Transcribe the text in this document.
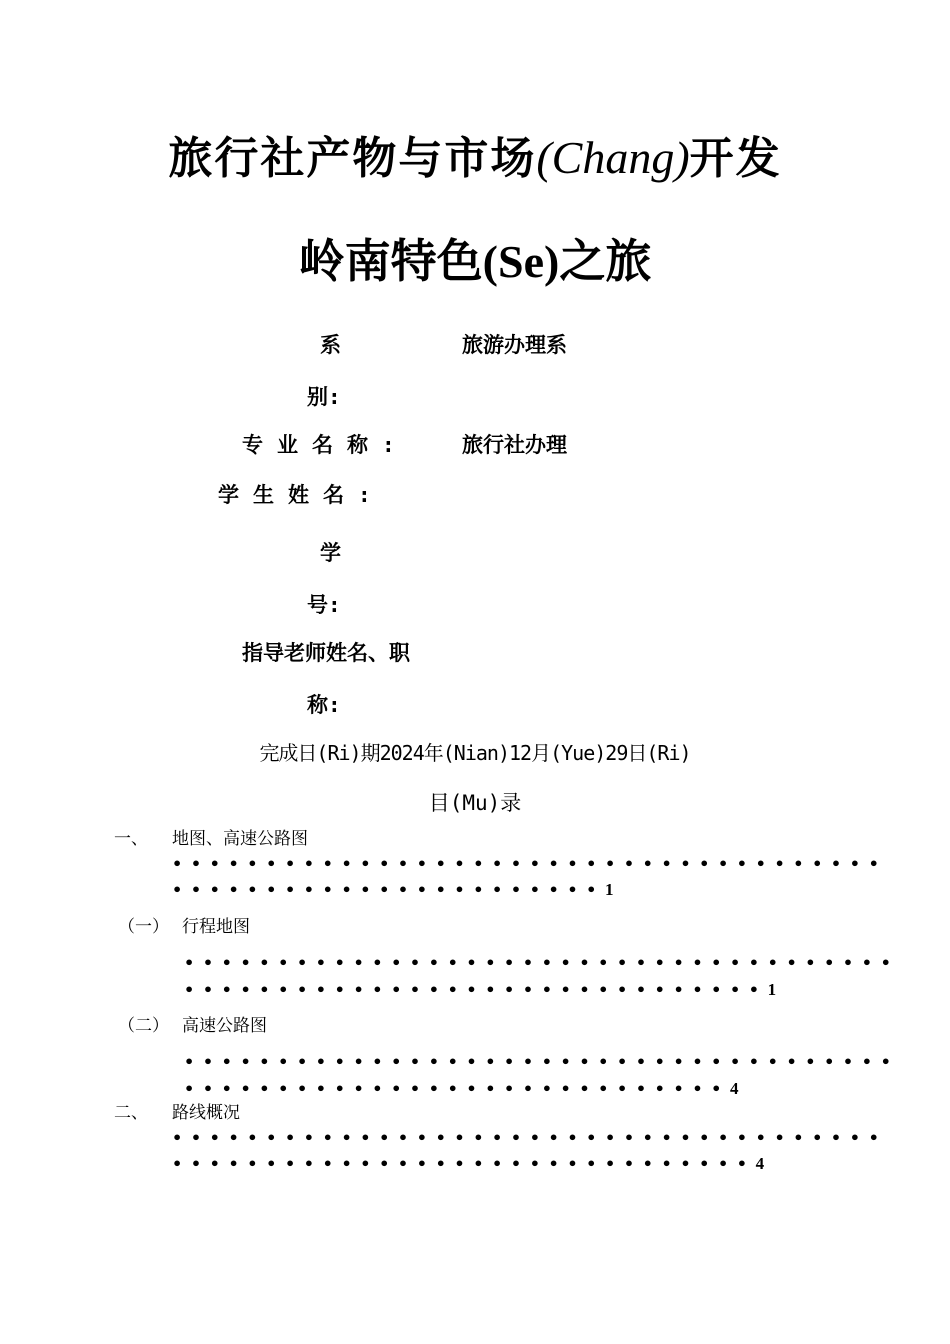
旅行社产物与市场(Chang)开发
岭南特色(Se)之旅
系	旅游办理系
别:
专业名称:	旅行社办理
学生姓名:
学
号:
指导老师姓名、职
称:
完成日(Ri)期2024年(Nian)12月(Yue)29日(Ri)
目(Mu)录
一、 地图、高速公路图
••••••••••••••••••••••••••••••••••••••
•••••••••••••••••••••••1
（一） 行程地图
••••••••••••••••••••••••••••••••••••••
•••••••••••••••••••••••••••••••1
（二） 高速公路图
••••••••••••••••••••••••••••••••••••••
•••••••••••••••••••••••••••••4
二、 路线概况
••••••••••••••••••••••••••••••••••••••
•••••••••••••••••••••••••••••••4
